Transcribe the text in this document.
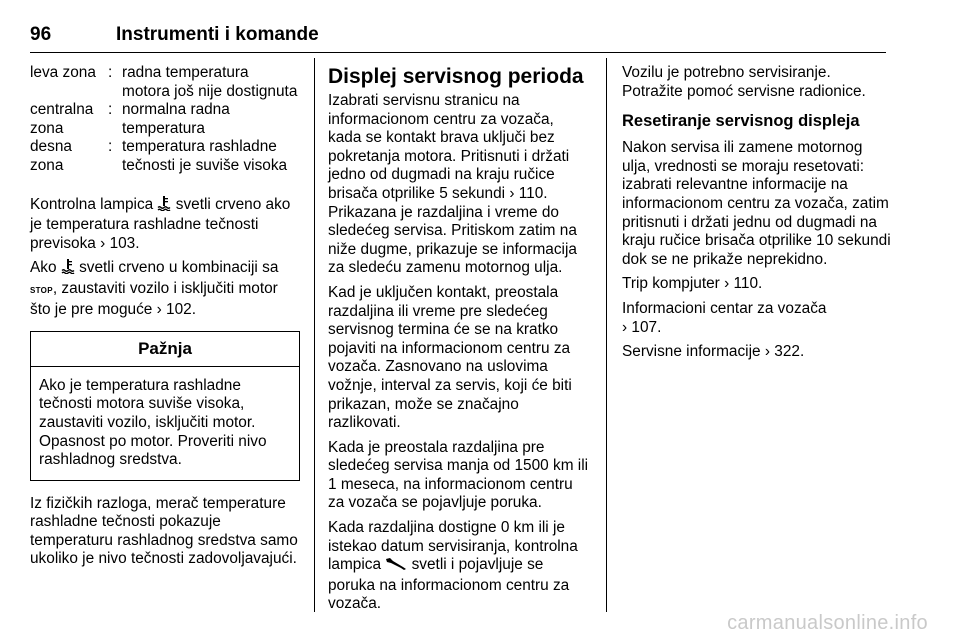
96	Instrumenti i komande
leva zona : radna temperatura motora još nije dostignuta
centralna zona
: normalna radna temperatura
desna zona
: temperatura rashladne tečnosti je suviše visoka

Kontrolna lampica  svetli crveno ako je temperatura rashladne tečnosti previsoka › 103.

Ako  svetli crveno u kombinaciji sa STOP, zaustaviti vozilo i isključiti motor što je pre moguće › 102.

Pažnja
Ako je temperatura rashladne tečnosti motora suviše visoka, zaustaviti vozilo, isključiti motor. Opasnost po motor. Proveriti nivo rashladnog sredstva.

Iz fizičkih razloga, merač temperature rashladne tečnosti pokazuje temperaturu rashladnog sredstva samo ukoliko je nivo tečnosti zadovoljavajući.

Displej servisnog perioda

Izabrati servisnu stranicu na informacionom centru za vozača, kada se kontakt brava uključi bez pokretanja motora. Pritisnuti i držati jedno od dugmadi na kraju ručice brisača otprilike 5 sekundi › 110. Prikazana je razdaljina i vreme do sledećeg servisa. Pritiskom zatim na niže dugme, prikazuje se informacija za sledeću zamenu motornog ulja.

Kad je uključen kontakt, preostala razdaljina ili vreme pre sledećeg servisnog termina će se na kratko pojaviti na informacionom centru za vozača. Zasnovano na uslovima vožnje, interval za servis, koji će biti prikazan, može se značajno razlikovati.

Kada je preostala razdaljina pre sledećeg servisa manja od 1500 km ili 1 meseca, na informacionom centru za vozača se pojavljuje poruka.

Kada razdaljina dostigne 0 km ili je istekao datum servisiranja, kontrolna lampica  svetli i pojavljuje se poruka na informacionom centru za vozača.

Vozilu je potrebno servisiranje. Potražite pomoć servisne radionice.

Resetiranje servisnog displeja

Nakon servisa ili zamene motornog ulja, vrednosti se moraju resetovati: izabrati relevantne informacije na informacionom centru za vozača, zatim pritisnuti i držati jednu od dugmadi na kraju ručice brisača otprilike 10 sekundi dok se ne prikaže neprekidno.

Trip kompjuter › 110.

Informacioni centar za vozača
› 107.

Servisne informacije › 322.

carmanualsonline.info
